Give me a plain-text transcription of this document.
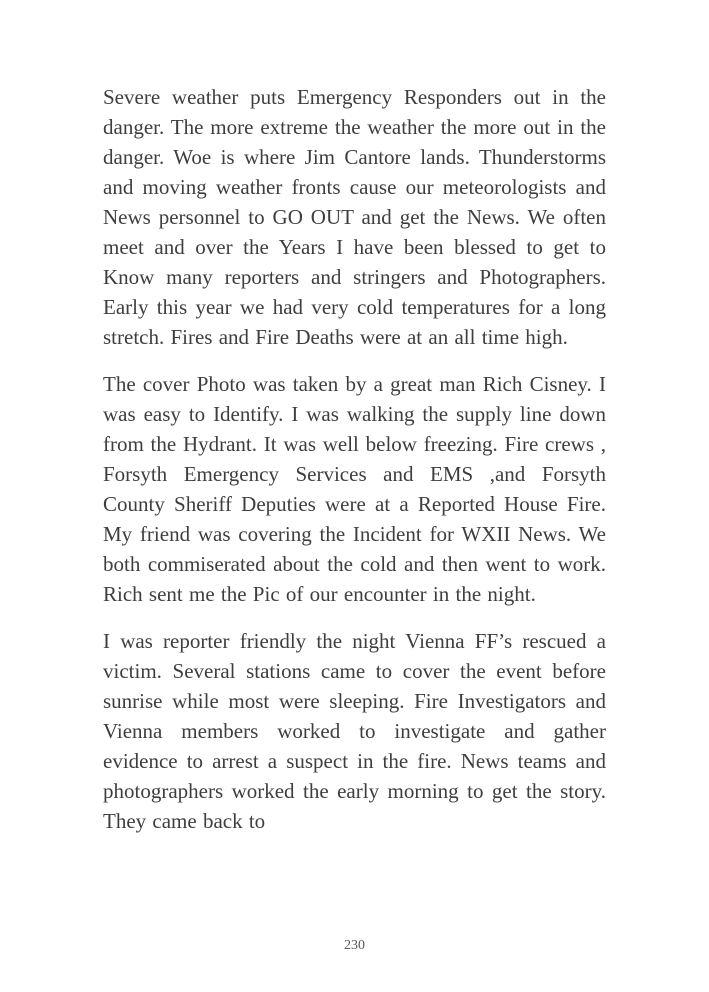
Severe weather puts Emergency Responders out in the danger. The more extreme the weather the more out in the danger. Woe is where Jim Cantore lands. Thunderstorms and moving weather fronts cause our meteorologists and News personnel to GO OUT and get the News. We often meet and over the Years I have been blessed to get to Know many reporters and stringers and Photographers. Early this year we had very cold temperatures for a long stretch. Fires and Fire Deaths were at an all time high.

The cover Photo was taken by a great man Rich Cisney. I was easy to Identify. I was walking the supply line down from the Hydrant. It was well below freezing. Fire crews , Forsyth Emergency Services and EMS ,and Forsyth County Sheriff Deputies were at a Reported House Fire. My friend was covering the Incident for WXII News. We both commiserated about the cold and then went to work. Rich sent me the Pic of our encounter in the night.

I was reporter friendly the night Vienna FF’s rescued a victim. Several stations came to cover the event before sunrise while most were sleeping. Fire Investigators and Vienna members worked to investigate and gather evidence to arrest a suspect in the fire. News teams and photographers worked the early morning to get the story. They came back to

230
